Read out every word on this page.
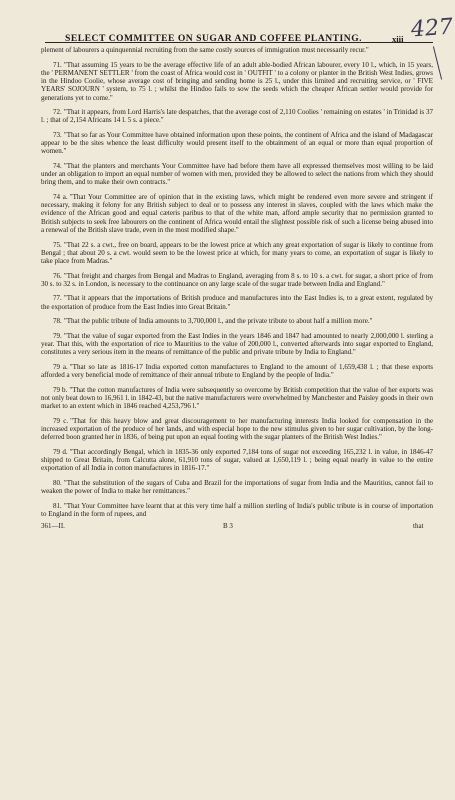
SELECT COMMITTEE ON SUGAR AND COFFEE PLANTING.	xiii 427

plement of labourers a quinquennial recruiting from the same costly sources of immigration must necessarily recur."

71. "That assuming 15 years to be the average effective life of an adult able-bodied African labourer, every 10 l., which, in 15 years, the ' PERMANENT SETTLER ' from the coast of Africa would cost in ' OUTFIT ' to a colony or planter in the British West Indies, grows in the Hindoo Coolie, whose average cost of bringing and sending home is 25 l., under this limited and recruiting service, or ' FIVE YEARS' SOJOURN ' system, to 75 l. ; whilst the Hindoo fails to sow the seeds which the cheaper African settler would provide for generations yet to come."

72. "That it appears, from Lord Harris's late despatches, that the average cost of 2,110 Coolies ' remaining on estates ' in Trinidad is 37 l. ; that of 2,154 Africans 14 l. 5 s. a piece."

73. "That so far as Your Committee have obtained information upon these points, the continent of Africa and the island of Madagascar appear to be the sites whence the least difficulty would present itself to the obtainment of an equal or more than equal proportion of women."

74. "That the planters and merchants Your Committee have had before them have all expressed themselves most willing to be laid under an obligation to import an equal number of women with men, provided they be allowed to select the nations from which they should bring them, and to make their own contracts."

74 a. "That Your Committee are of opinion that in the existing laws, which might be rendered even more severe and stringent if necessary, making it felony for any British subject to deal or to possess any interest in slaves, coupled with the laws which make the evidence of the African good and equal cæteris paribus to that of the white man, afford ample security that no permission granted to British subjects to seek free labourers on the continent of Africa would entail the slightest possible risk of such a license being abused into a renewal of the British slave trade, even in the most modified shape."

75. "That 22 s. a cwt., free on board, appears to be the lowest price at which any great exportation of sugar is likely to continue from Bengal ; that about 20 s. a cwt. would seem to be the lowest price at which, for many years to come, an exportation of sugar is likely to take place from Madras."

76. "That freight and charges from Bengal and Madras to England, averaging from 8 s. to 10 s. a cwt. for sugar, a short price of from 30 s. to 32 s. in London, is necessary to the continuance on any large scale of the sugar trade between India and England."

77. "That it appears that the importations of British produce and manufactures into the East Indies is, to a great extent, regulated by the exportation of produce from the East Indies into Great Britain."

78. "That the public tribute of India amounts to 3,700,000 l., and the private tribute to about half a million more."

79. "That the value of sugar exported from the East Indies in the years 1846 and 1847 had amounted to nearly 2,000,000 l. sterling a year. That this, with the exportation of rice to Mauritius to the value of 200,000 l., converted afterwards into sugar exported to England, constitutes a very serious item in the means of remittance of the public and private tribute by India to England."

79 a. "That so late as 1816-17 India exported cotton manufactures to England to the amount of 1,659,438 l. ; that these exports afforded a very beneficial mode of remittance of their annual tribute to England by the people of India."

79 b. "That the cotton manufactures of India were subsequently so overcome by British competition that the value of her exports was not only beat down to 16,961 l. in 1842-43, but the native manufacturers were overwhelmed by Manchester and Paisley goods in their own market to an extent which in 1846 reached 4,253,796 l."

79 c. "That for this heavy blow and great discouragement to her manufacturing interests India looked for compensation in the increased exportation of the produce of her lands, and with especial hope to the new stimulus given to her sugar cultivation, by the long-deferred boon granted her in 1836, of being put upon an equal footing with the sugar planters of the British West Indies."

79 d. "That accordingly Bengal, which in 1835-36 only exported 7,184 tons of sugar not exceeding 165,232 l. in value, in 1846-47 shipped to Great Britain, from Calcutta alone, 61,910 tons of sugar, valued at 1,650,119 l. ; being equal nearly in value to the entire exportation of all India in cotton manufactures in 1816-17."

80. "That the substitution of the sugars of Cuba and Brazil for the importations of sugar from India and the Mauritius, cannot fail to weaken the power of India to make her remittances."

81. "That Your Committee have learnt that at this very time half a million sterling of India's public tribute is in course of importation to England in the form of rupees, and

361—II.	B 3	that
